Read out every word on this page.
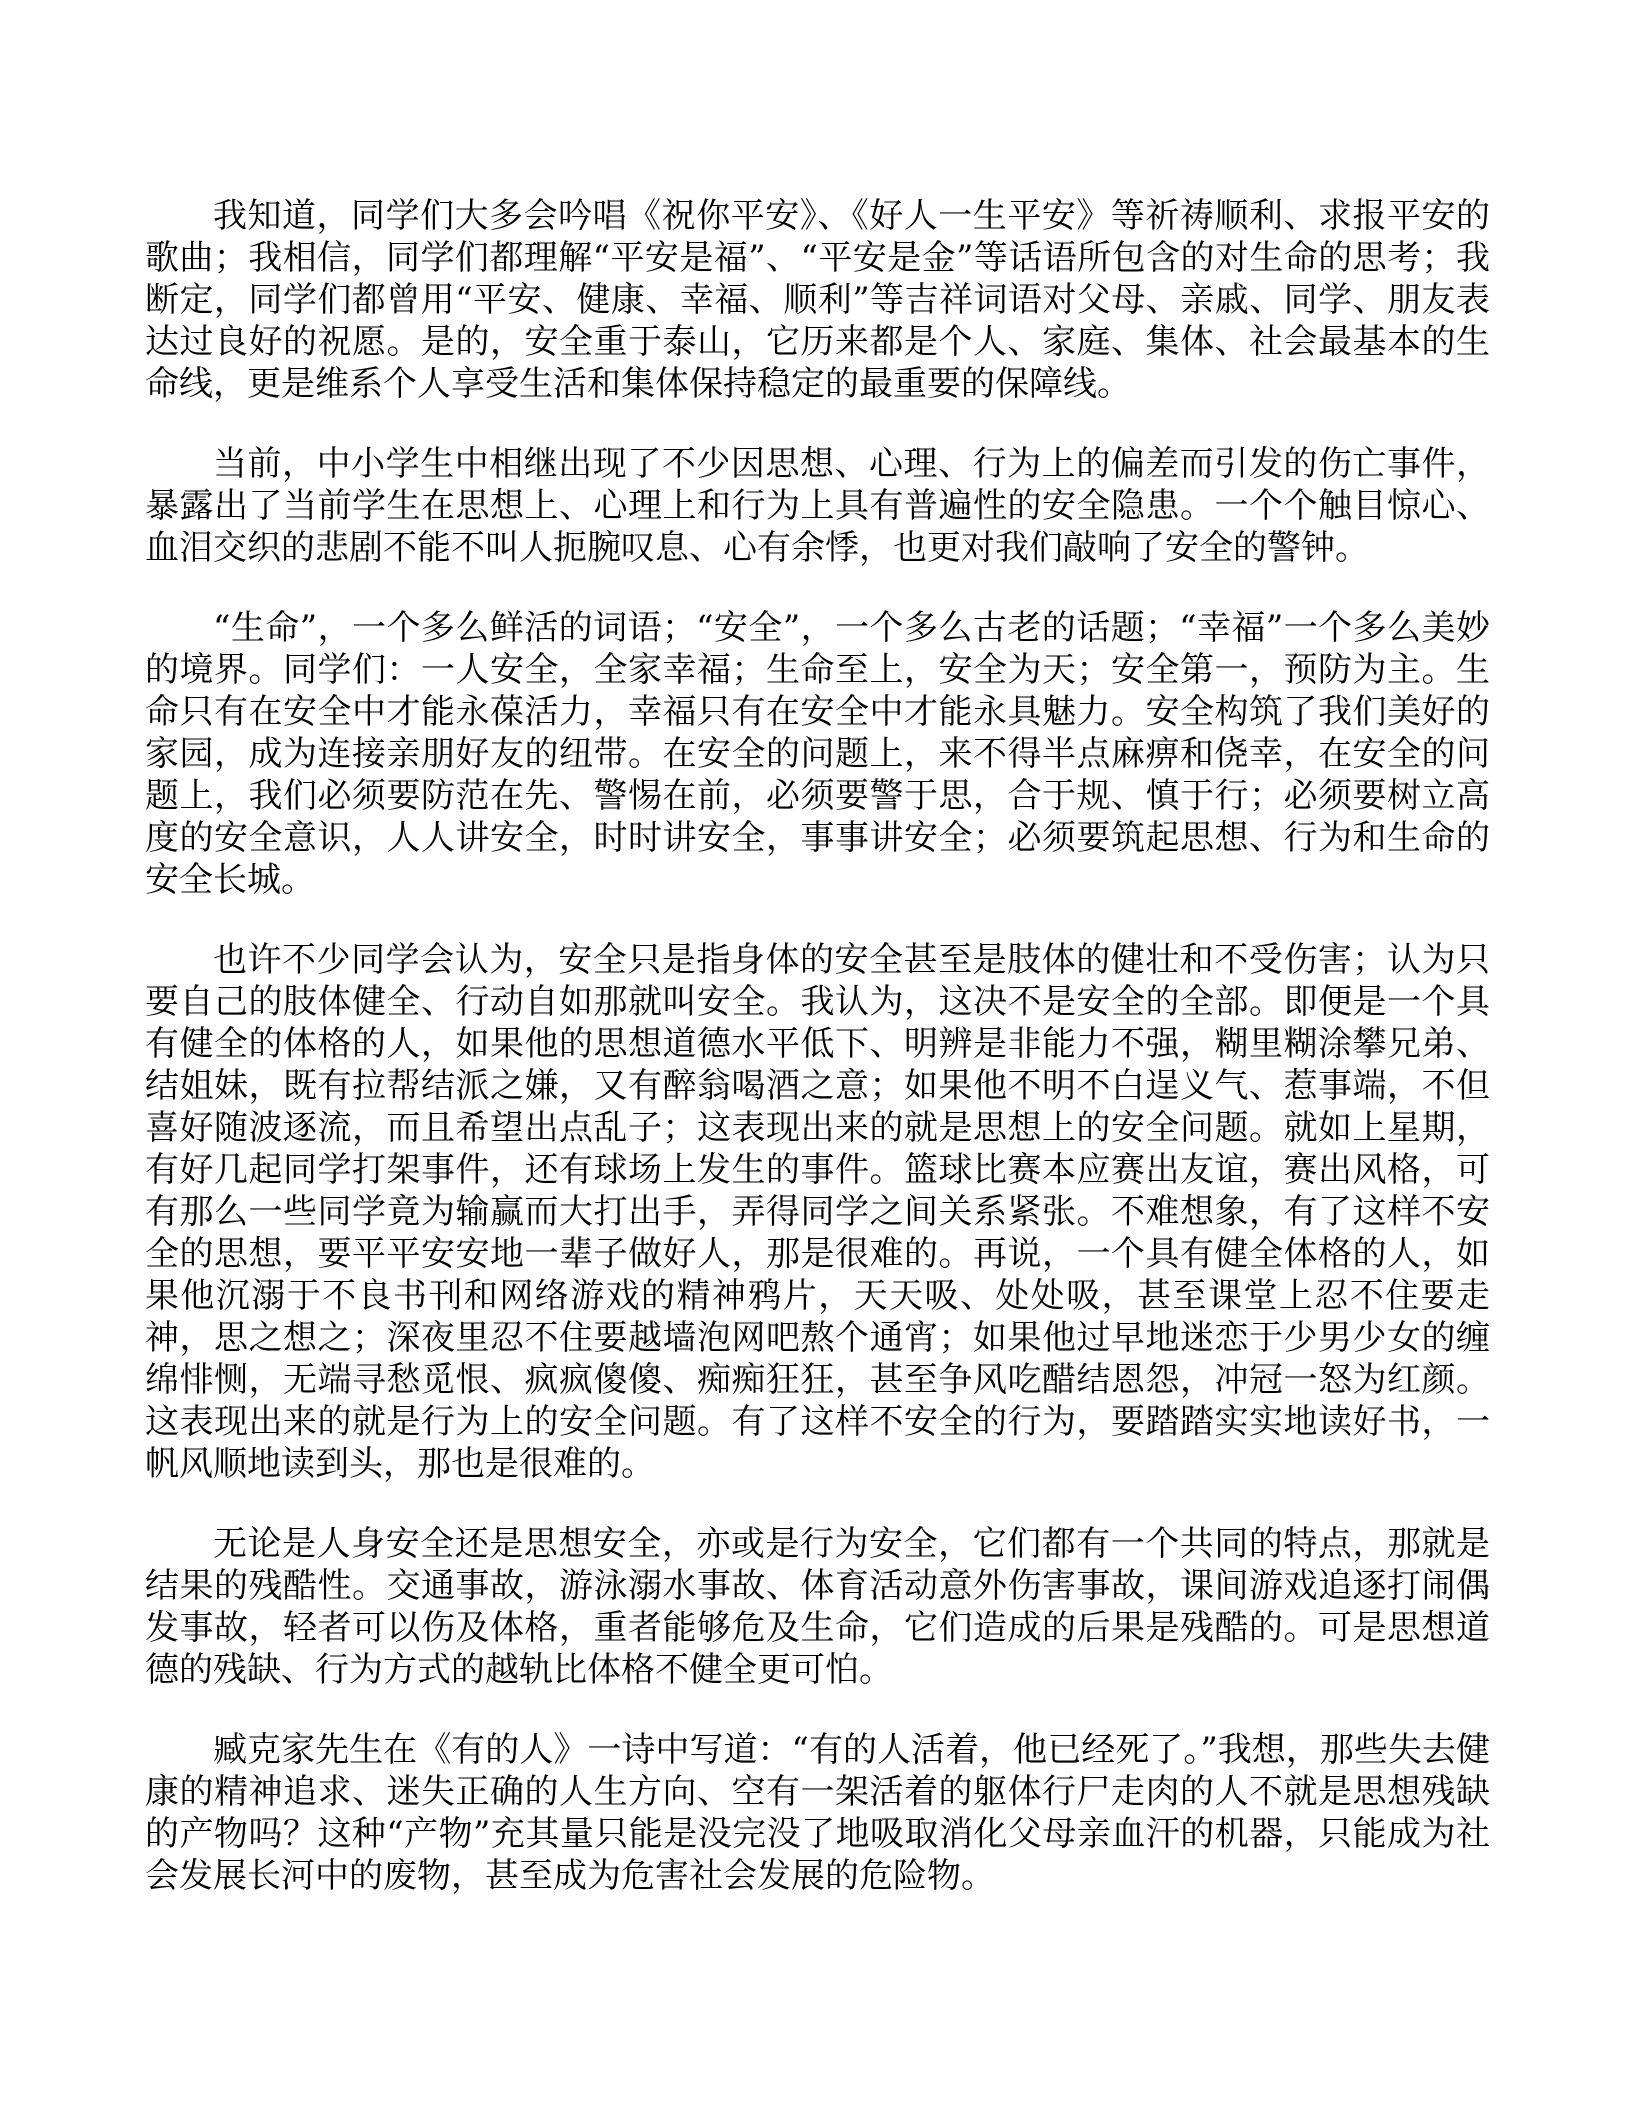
我知道，同学们大多会吟唱《祝你平安》、《好人一生平安》等祈祷顺利、求报平安的歌曲；我相信，同学们都理解“平安是福”、“平安是金”等话语所包含的对生命的思考；我断定，同学们都曾用“平安、健康、幸福、顺利”等吉祥词语对父母、亲戚、同学、朋友表达过良好的祝愿。是的，安全重于泰山，它历来都是个人、家庭、集体、社会最基本的生命线，更是维系个人享受生活和集体保持稳定的最重要的保障线。

当前，中小学生中相继出现了不少因思想、心理、行为上的偏差而引发的伤亡事件，暴露出了当前学生在思想上、心理上和行为上具有普遍性的安全隐患。一个个触目惊心、血泪交织的悲剧不能不叫人扼腕叹息、心有余悸，也更对我们敲响了安全的警钟。

“生命”，一个多么鲜活的词语；“安全”，一个多么古老的话题；“幸福”一个多么美妙的境界。同学们：一人安全，全家幸福；生命至上，安全为天；安全第一，预防为主。生命只有在安全中才能永葆活力，幸福只有在安全中才能永具魅力。安全构筑了我们美好的家园，成为连接亲朋好友的纽带。在安全的问题上，来不得半点麻痹和侥幸，在安全的问题上，我们必须要防范在先、警惕在前，必须要警于思，合于规、慎于行；必须要树立高度的安全意识，人人讲安全，时时讲安全，事事讲安全；必须要筑起思想、行为和生命的安全长城。

也许不少同学会认为，安全只是指身体的安全甚至是肢体的健壮和不受伤害；认为只要自己的肢体健全、行动自如那就叫安全。我认为，这决不是安全的全部。即便是一个具有健全的体格的人，如果他的思想道德水平低下、明辨是非能力不强，糊里糊涂攀兄弟、结姐妹，既有拉帮结派之嫌，又有醉翁喝酒之意；如果他不明不白逞义气、惹事端，不但喜好随波逐流，而且希望出点乱子；这表现出来的就是思想上的安全问题。就如上星期，有好几起同学打架事件，还有球场上发生的事件。篮球比赛本应赛出友谊，赛出风格，可有那么一些同学竟为输赢而大打出手，弄得同学之间关系紧张。不难想象，有了这样不安全的思想，要平平安安地一辈子做好人，那是很难的。再说，一个具有健全体格的人，如果他沉溺于不良书刊和网络游戏的精神鸦片，天天吸、处处吸，甚至课堂上忍不住要走神，思之想之；深夜里忍不住要越墙泡网吧熬个通宵；如果他过早地迷恋于少男少女的缠绵悱恻，无端寻愁觅恨、疯疯傻傻、痴痴狂狂，甚至争风吃醋结恩怨，冲冠一怒为红颜。这表现出来的就是行为上的安全问题。有了这样不安全的行为，要踏踏实实地读好书，一帆风顺地读到头，那也是很难的。

无论是人身安全还是思想安全，亦或是行为安全，它们都有一个共同的特点，那就是结果的残酷性。交通事故，游泳溺水事故、体育活动意外伤害事故，课间游戏追逐打闹偶发事故，轻者可以伤及体格，重者能够危及生命，它们造成的后果是残酷的。可是思想道德的残缺、行为方式的越轨比体格不健全更可怕。

臧克家先生在《有的人》一诗中写道：“有的人活着，他已经死了。”我想，那些失去健康的精神追求、迷失正确的人生方向、空有一架活着的躯体行尸走肉的人不就是思想残缺的产物吗？这种“产物”充其量只能是没完没了地吸取消化父母亲血汗的机器，只能成为社会发展长河中的废物，甚至成为危害社会发展的危险物。
